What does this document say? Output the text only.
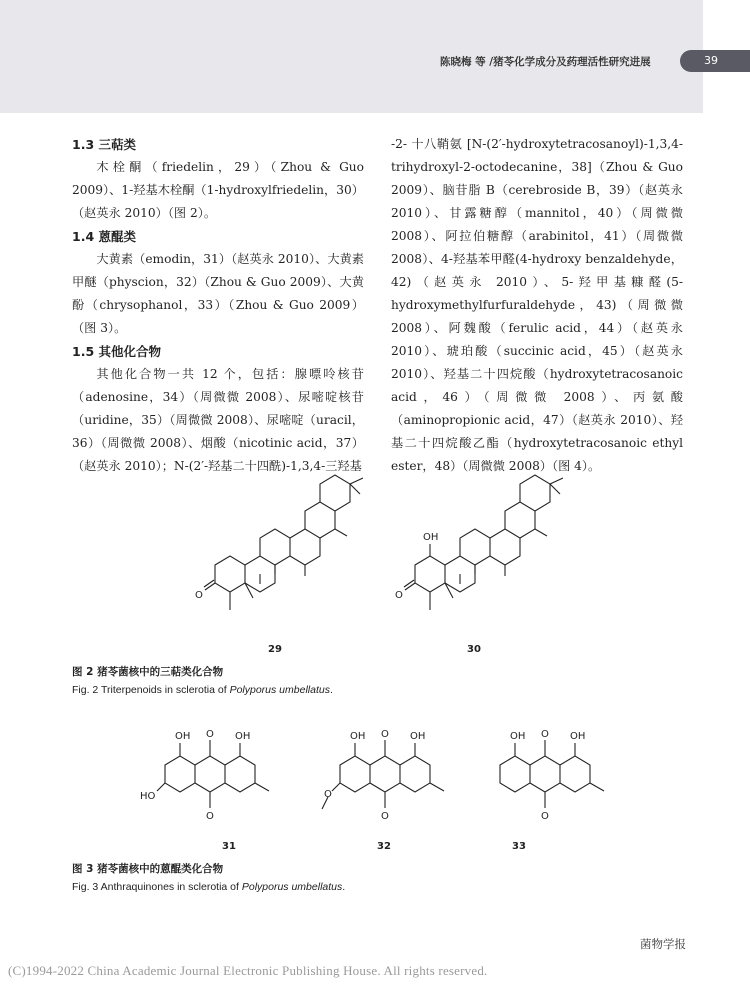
陈晓梅 等 /猪苓化学成分及药理活性研究进展	39

1.3 三萜类

木栓酮（friedelin，29）（Zhou & Guo 2009）、1-羟基木栓酮（1-hydroxylfriedelin，30）（赵英永 2010）（图 2）。

1.4 蒽醌类

大黄素（emodin，31）（赵英永 2010）、大黄素甲醚（physcion，32）（Zhou & Guo 2009）、大黄酚（chrysophanol，33）（Zhou & Guo 2009）（图 3）。

1.5 其他化合物

其他化合物一共 12 个，包括：腺嘌呤核苷（adenosine，34）（周微微 2008）、尿嘧啶核苷（uridine，35）（周微微 2008）、尿嘧啶（uracil，36）（周微微 2008）、烟酸（nicotinic acid，37）（赵英永 2010）；N-(2′-羟基二十四酰)-1,3,4-三羟基

-2- 十八鞘氨 [N-(2′-hydroxytetracosanoyl)-1,3,4-trihydroxyl-2-octodecanine，38]（Zhou & Guo 2009）、脑苷脂 B（cerebroside B，39）（赵英永 2010）、甘露糖醇（mannitol，40）（周微微 2008）、阿拉伯糖醇（arabinitol，41）（周微微 2008）、4-羟基苯甲醛(4-hydroxy benzaldehyde，42)（赵英永 2010）、5-羟甲基糠醛(5-hydroxymethylfurfuraldehyde，43)（周微微 2008）、阿魏酸（ferulic acid，44）（赵英永 2010）、琥珀酸（succinic acid，45）（赵英永 2010）、羟基二十四烷酸（hydroxytetracosanoic acid，46）（周微微 2008）、丙氨酸（aminopropionic acid，47）（赵英永 2010）、羟基二十四烷酸乙酯（hydroxytetracosanoic ethyl ester，48）（周微微 2008）（图 4）。

O
OH
O
29	30
图 2 猪苓菌核中的三萜类化合物
Fig. 2 Triterpenoids in sclerotia of Polyporus umbellatus.
OH O OH
HO
O
OH O OH
O
O
OH O OH
O
31	32	33
图 3 猪苓菌核中的蒽醌类化合物
Fig. 3 Anthraquinones in sclerotia of Polyporus umbellatus.
菌物学报
(C)1994-2022 China Academic Journal Electronic Publishing House. All rights reserved.
